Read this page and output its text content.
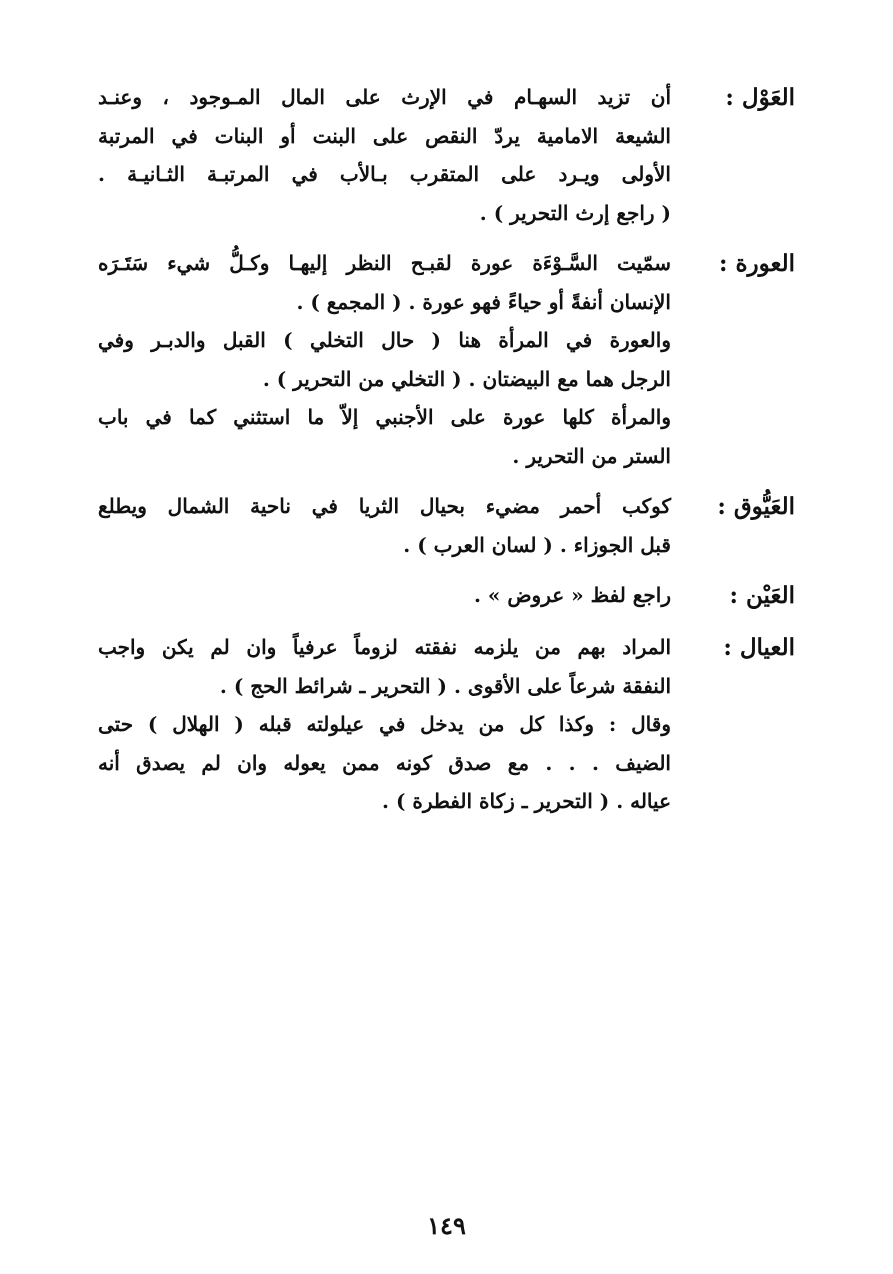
العَوْل :
أن تزيد السهـام في الإرث على المال المـوجود ، وعنـد
الشيعة الامامية يردّ النقص على البنت أو البنات في المرتبة
الأولى ويـرد على المتقرب بـالأب في المرتبـة الثـانيـة .
( راجع إرث التحرير ) .
العورة :
سمّيت السَّـوْءَة عورة لقبـح النظر إليهـا وكـلُّ شيء سَتَـرَه
الإنسان أنفةً أو حياءً فهو عورة . ( المجمع ) .
والعورة في المرأة هنا ( حال التخلي ) القبل والدبـر وفي
الرجل هما مع البيضتان . ( التخلي من التحرير ) .
والمرأة كلها عورة على الأجنبي إلاّ ما استثني كما في باب
الستر من التحرير .
العَيُّوق :
كوكب أحمر مضيء بحيال الثريا في ناحية الشمال ويطلع
قبل الجوزاء . ( لسان العرب ) .
العَيْن :
راجع لفظ « عروض » .
العيال :
المراد بهم من يلزمه نفقته لزوماً عرفياً وان لم يكن واجب
النفقة شرعاً على الأقوى . ( التحرير ـ شرائط الحج ) .
وقال : وكذا كل من يدخل في عيلولته قبله ( الهلال ) حتى
الضيف . . . مع صدق كونه ممن يعوله وان لم يصدق أنه
عياله . ( التحرير ـ زكاة الفطرة ) .
١٤٩
